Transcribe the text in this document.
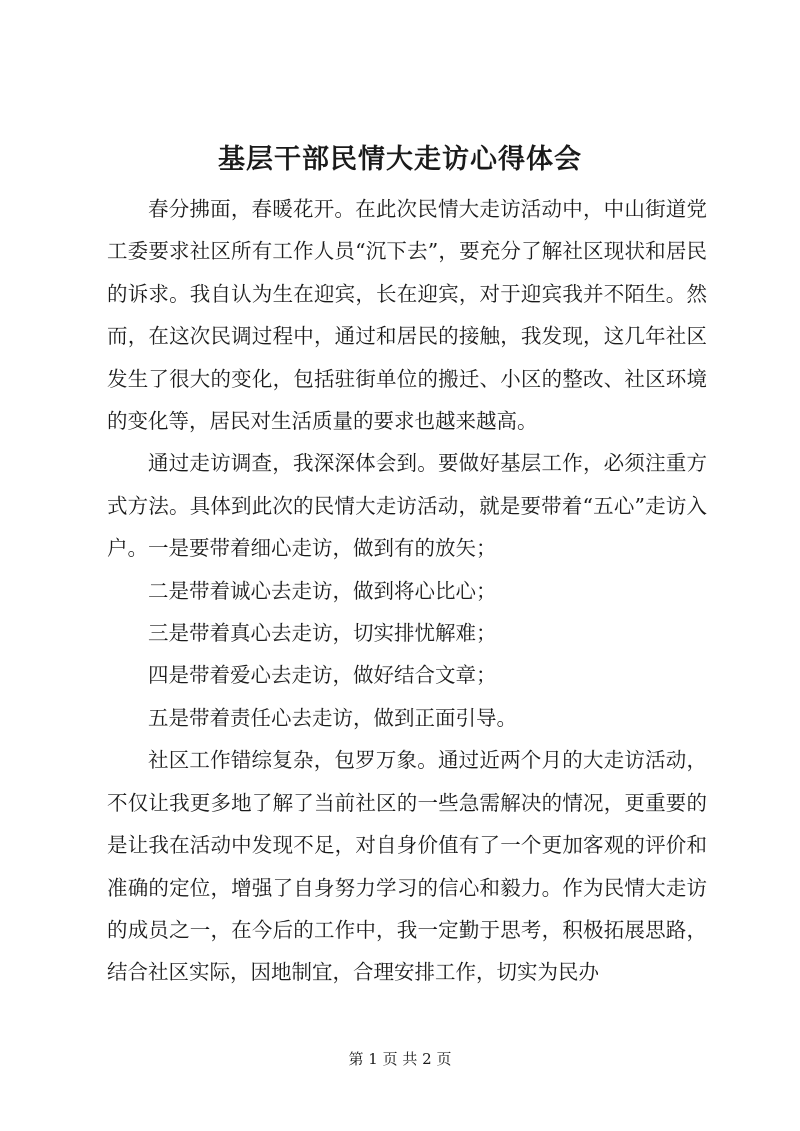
基层干部民情大走访心得体会

春分拂面，春暖花开。在此次民情大走访活动中，中山街道党工委要求社区所有工作人员“沉下去”，要充分了解社区现状和居民的诉求。我自认为生在迎宾，长在迎宾，对于迎宾我并不陌生。然而，在这次民调过程中，通过和居民的接触，我发现，这几年社区发生了很大的变化，包括驻街单位的搬迁、小区的整改、社区环境的变化等，居民对生活质量的要求也越来越高。

通过走访调查，我深深体会到。要做好基层工作，必须注重方式方法。具体到此次的民情大走访活动，就是要带着“五心”走访入户。一是要带着细心走访，做到有的放矢；

二是带着诚心去走访，做到将心比心；

三是带着真心去走访，切实排忧解难；

四是带着爱心去走访，做好结合文章；

五是带着责任心去走访，做到正面引导。

社区工作错综复杂，包罗万象。通过近两个月的大走访活动，不仅让我更多地了解了当前社区的一些急需解决的情况，更重要的是让我在活动中发现不足，对自身价值有了一个更加客观的评价和准确的定位，增强了自身努力学习的信心和毅力。作为民情大走访的成员之一，在今后的工作中，我一定勤于思考，积极拓展思路，结合社区实际，因地制宜，合理安排工作，切实为民办

第 1 页 共 2 页
